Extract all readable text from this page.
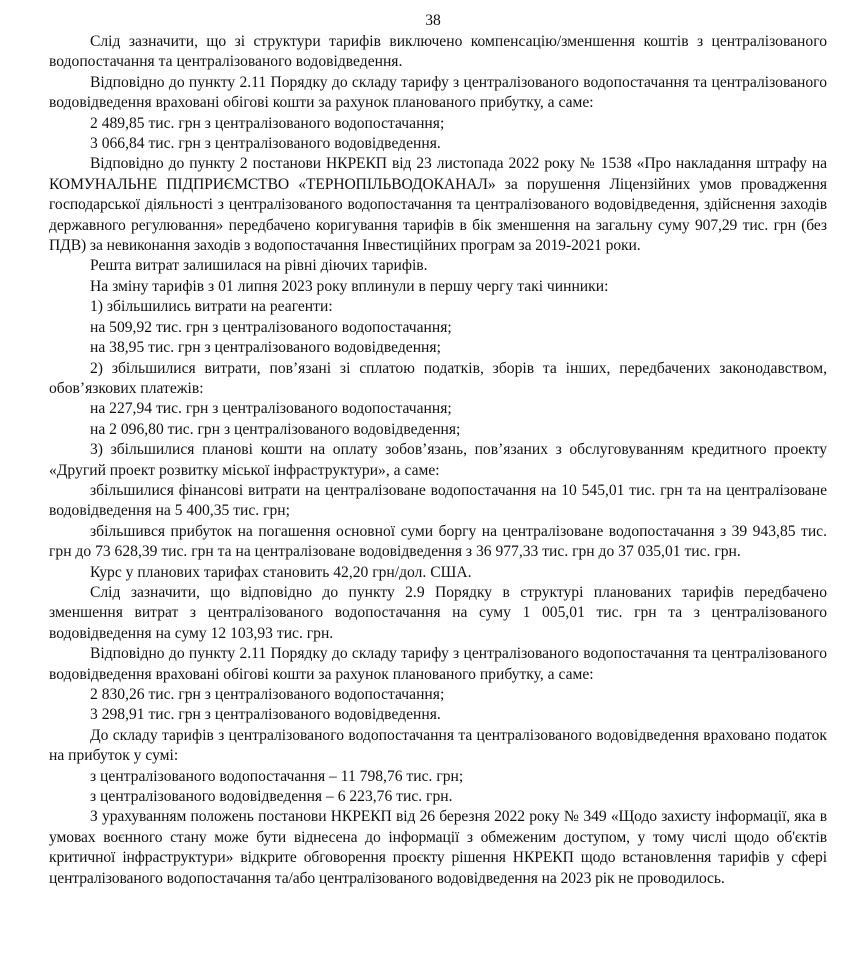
38

Слід зазначити, що зі структури тарифів виключено компенсацію/зменшення коштів з централізованого водопостачання та централізованого водовідведення.

Відповідно до пункту 2.11 Порядку до складу тарифу з централізованого водопостачання та централізованого водовідведення враховані обігові кошти за рахунок планованого прибутку, а саме:

2 489,85 тис. грн з централізованого водопостачання;

3 066,84 тис. грн з централізованого водовідведення.

Відповідно до пункту 2 постанови НКРЕКП від 23 листопада 2022 року № 1538 «Про накладання штрафу на КОМУНАЛЬНЕ ПІДПРИЄМСТВО «ТЕРНОПІЛЬВОДОКАНАЛ» за порушення Ліцензійних умов провадження господарської діяльності з централізованого водопостачання та централізованого водовідведення, здійснення заходів державного регулювання» передбачено коригування тарифів в бік зменшення на загальну суму 907,29 тис. грн (без ПДВ) за невиконання заходів з водопостачання Інвестиційних програм за 2019-2021 роки.

Решта витрат залишилася на рівні діючих тарифів.

На зміну тарифів з 01 липня 2023 року вплинули в першу чергу такі чинники:

1) збільшились витрати на реагенти:

на 509,92 тис. грн з централізованого водопостачання;

на 38,95 тис. грн з централізованого водовідведення;

2) збільшилися витрати, пов’язані зі сплатою податків, зборів та інших, передбачених законодавством, обов’язкових платежів:

на 227,94 тис. грн з централізованого водопостачання;

на 2 096,80 тис. грн з централізованого водовідведення;

3) збільшилися планові кошти на оплату зобов’язань, пов’язаних з обслуговуванням кредитного проекту «Другий проект розвитку міської інфраструктури», а саме:

збільшилися фінансові витрати на централізоване водопостачання на 10 545,01 тис. грн та на централізоване водовідведення на 5 400,35 тис. грн;

збільшився прибуток на погашення основної суми боргу на централізоване водопостачання з 39 943,85 тис. грн до 73 628,39 тис. грн та на централізоване водовідведення з 36 977,33 тис. грн до 37 035,01 тис. грн.

Курс у планових тарифах становить 42,20 грн/дол. США.

Слід зазначити, що відповідно до пункту 2.9 Порядку в структурі планованих тарифів передбачено зменшення витрат з централізованого водопостачання на суму 1 005,01 тис. грн та з централізованого водовідведення на суму 12 103,93 тис. грн.

Відповідно до пункту 2.11 Порядку до складу тарифу з централізованого водопостачання та централізованого водовідведення враховані обігові кошти за рахунок планованого прибутку, а саме:

2 830,26 тис. грн з централізованого водопостачання;

3 298,91 тис. грн з централізованого водовідведення.

До складу тарифів з централізованого водопостачання та централізованого водовідведення враховано податок на прибуток у сумі:

з централізованого водопостачання – 11 798,76 тис. грн;

з централізованого водовідведення – 6 223,76 тис. грн.

З урахуванням положень постанови НКРЕКП від 26 березня 2022 року № 349 «Щодо захисту інформації, яка в умовах воєнного стану може бути віднесена до інформації з обмеженим доступом, у тому числі щодо об'єктів критичної інфраструктури» відкрите обговорення проєкту рішення НКРЕКП щодо встановлення тарифів у сфері централізованого водопостачання та/або централізованого водовідведення на 2023 рік не проводилось.
